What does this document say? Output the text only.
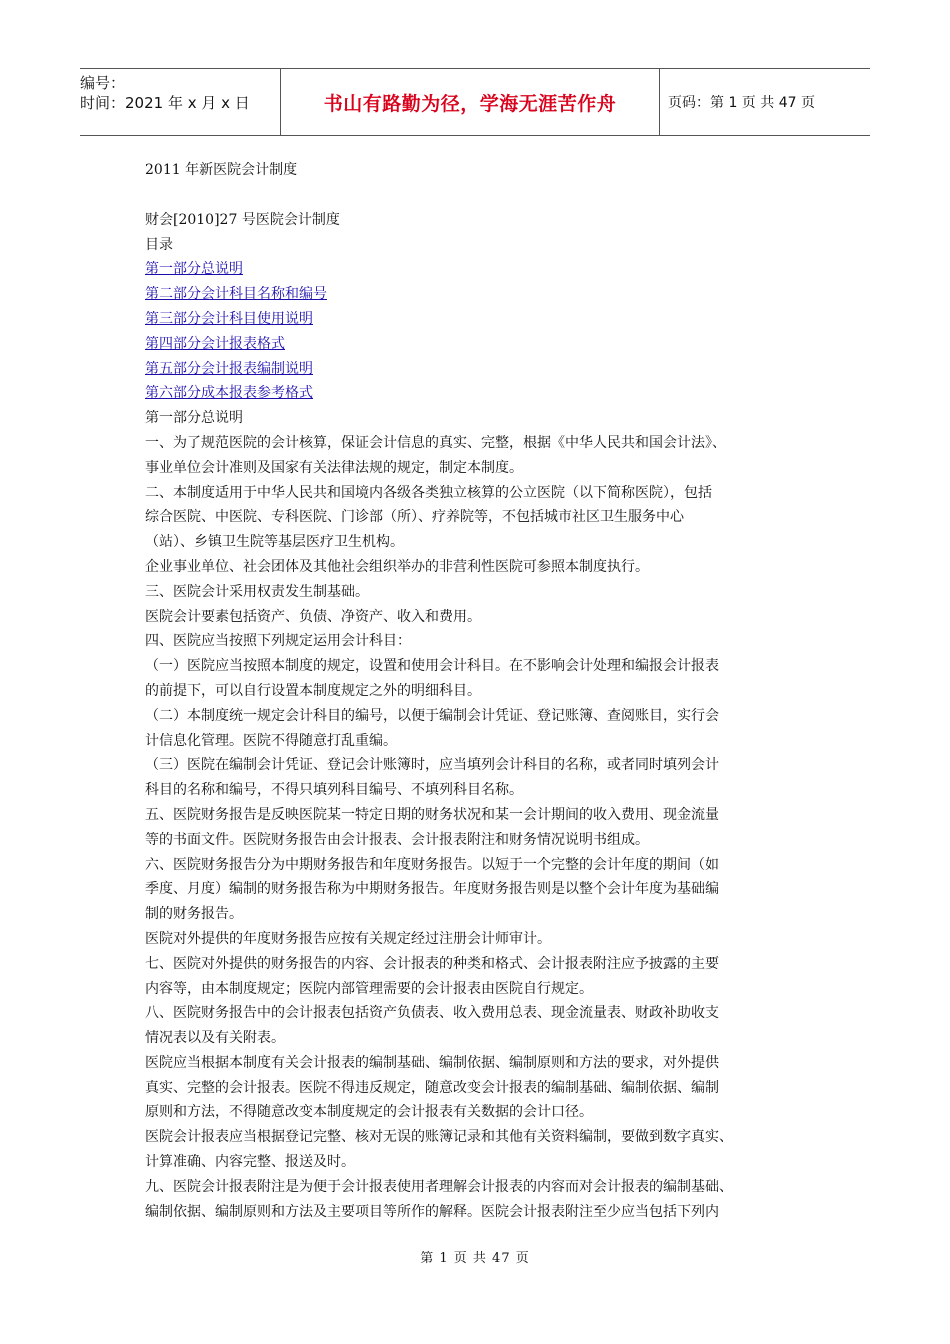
编号：
时间：2021 年 x 月 x 日	书山有路勤为径，学海无涯苦作舟	页码：第 1 页 共 47 页

2011 年新医院会计制度

财会[2010]27 号医院会计制度

目录

第一部分总说明

第二部分会计科目名称和编号

第三部分会计科目使用说明

第四部分会计报表格式

第五部分会计报表编制说明

第六部分成本报表参考格式

第一部分总说明

一、为了规范医院的会计核算，保证会计信息的真实、完整，根据《中华人民共和国会计法》、

事业单位会计准则及国家有关法律法规的规定，制定本制度。

二、本制度适用于中华人民共和国境内各级各类独立核算的公立医院（以下简称医院），包括

综合医院、中医院、专科医院、门诊部（所）、疗养院等，不包括城市社区卫生服务中心

（站）、乡镇卫生院等基层医疗卫生机构。

企业事业单位、社会团体及其他社会组织举办的非营利性医院可参照本制度执行。

三、医院会计采用权责发生制基础。

医院会计要素包括资产、负债、净资产、收入和费用。

四、医院应当按照下列规定运用会计科目：

（一）医院应当按照本制度的规定，设置和使用会计科目。在不影响会计处理和编报会计报表

的前提下，可以自行设置本制度规定之外的明细科目。

（二）本制度统一规定会计科目的编号，以便于编制会计凭证、登记账簿、查阅账目，实行会

计信息化管理。医院不得随意打乱重编。

（三）医院在编制会计凭证、登记会计账簿时，应当填列会计科目的名称，或者同时填列会计

科目的名称和编号，不得只填列科目编号、不填列科目名称。

五、医院财务报告是反映医院某一特定日期的财务状况和某一会计期间的收入费用、现金流量

等的书面文件。医院财务报告由会计报表、会计报表附注和财务情况说明书组成。

六、医院财务报告分为中期财务报告和年度财务报告。以短于一个完整的会计年度的期间（如

季度、月度）编制的财务报告称为中期财务报告。年度财务报告则是以整个会计年度为基础编

制的财务报告。

医院对外提供的年度财务报告应按有关规定经过注册会计师审计。

七、医院对外提供的财务报告的内容、会计报表的种类和格式、会计报表附注应予披露的主要

内容等，由本制度规定；医院内部管理需要的会计报表由医院自行规定。

八、医院财务报告中的会计报表包括资产负债表、收入费用总表、现金流量表、财政补助收支

情况表以及有关附表。

医院应当根据本制度有关会计报表的编制基础、编制依据、编制原则和方法的要求，对外提供

真实、完整的会计报表。医院不得违反规定，随意改变会计报表的编制基础、编制依据、编制

原则和方法，不得随意改变本制度规定的会计报表有关数据的会计口径。

医院会计报表应当根据登记完整、核对无误的账簿记录和其他有关资料编制，要做到数字真实、

计算准确、内容完整、报送及时。

九、医院会计报表附注是为便于会计报表使用者理解会计报表的内容而对会计报表的编制基础、

编制依据、编制原则和方法及主要项目等所作的解释。医院会计报表附注至少应当包括下列内

第 1 页 共 47 页
